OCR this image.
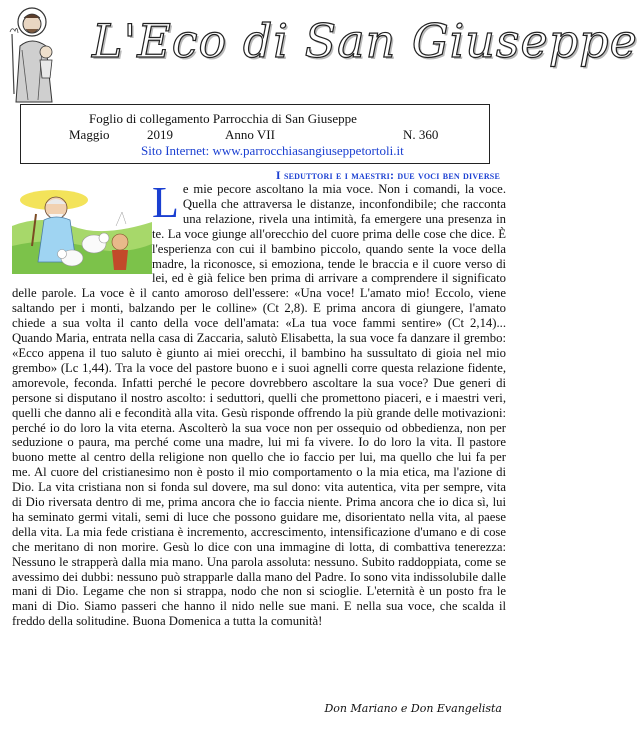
L'Eco di San Giuseppe
Foglio di collegamento Parrocchia di San Giuseppe
Maggio	2019	Anno VII	N. 360
Sito Internet: www.parrocchiasangiuseppetortoli.it
I seduttori e i maestri: due voci ben diverse
L e mie pecore ascoltano la mia voce. Non i comandi, la voce. Quella che attraversa le distanze, inconfondibile; che racconta una relazione, rivela una intimità, fa emergere una presenza in te. La voce giunge all'orecchio del cuore prima delle cose che dice. È l'esperienza con cui il bambino piccolo, quando sente la voce della madre, la riconosce, si emoziona, tende le braccia e il cuore verso di lei, ed è già felice ben prima di arrivare a comprendere il significato delle parole. La voce è il canto amoroso dell'essere: «Una voce! L'amato mio! Eccolo, viene saltando per i monti, balzando per le colline» (Ct 2,8). E prima ancora di giungere, l'amato chiede a sua volta il canto della voce dell'amata: «La tua voce fammi sentire» (Ct 2,14)... Quando Maria, entrata nella casa di Zaccaria, salutò Elisabetta, la sua voce fa danzare il grembo: «Ecco appena il tuo saluto è giunto ai miei orecchi, il bambino ha sussultato di gioia nel mio grembo» (Lc 1,44). Tra la voce del pastore buono e i suoi agnelli corre questa relazione fidente, amorevole, feconda. Infatti perché le pecore dovrebbero ascoltare la sua voce? Due generi di persone si disputano il nostro ascolto: i seduttori, quelli che promettono piaceri, e i maestri veri, quelli che danno ali e fecondità alla vita. Gesù risponde offrendo la più grande delle motivazioni: perché io do loro la vita eterna. Ascolterò la sua voce non per ossequio od obbedienza, non per seduzione o paura, ma perché come una madre, lui mi fa vivere. Io do loro la vita. Il pastore buono mette al centro della religione non quello che io faccio per lui, ma quello che lui fa per me. Al cuore del cristianesimo non è posto il mio comportamento o la mia etica, ma l'azione di Dio. La vita cristiana non si fonda sul dovere, ma sul dono: vita autentica, vita per sempre, vita di Dio riversata dentro di me, prima ancora che io faccia niente. Prima ancora che io dica sì, lui ha seminato germi vitali, semi di luce che possono guidare me, disorientato nella vita, al paese della vita. La mia fede cristiana è incremento, accrescimento, intensificazione d'umano e di cose che meritano di non morire. Gesù lo dice con una immagine di lotta, di combattiva tenerezza: Nessuno le strapperà dalla mia mano. Una parola assoluta: nessuno. Subito raddoppiata, come se avessimo dei dubbi: nessuno può strapparle dalla mano del Padre. Io sono vita indissolubile dalle mani di Dio. Legame che non si strappa, nodo che non si scioglie. L'eternità è un posto fra le mani di Dio. Siamo passeri che hanno il nido nelle sue mani. E nella sua voce, che scalda il freddo della solitudine. Buona Domenica a tutta la comunità!
Don Mariano e Don Evangelista
